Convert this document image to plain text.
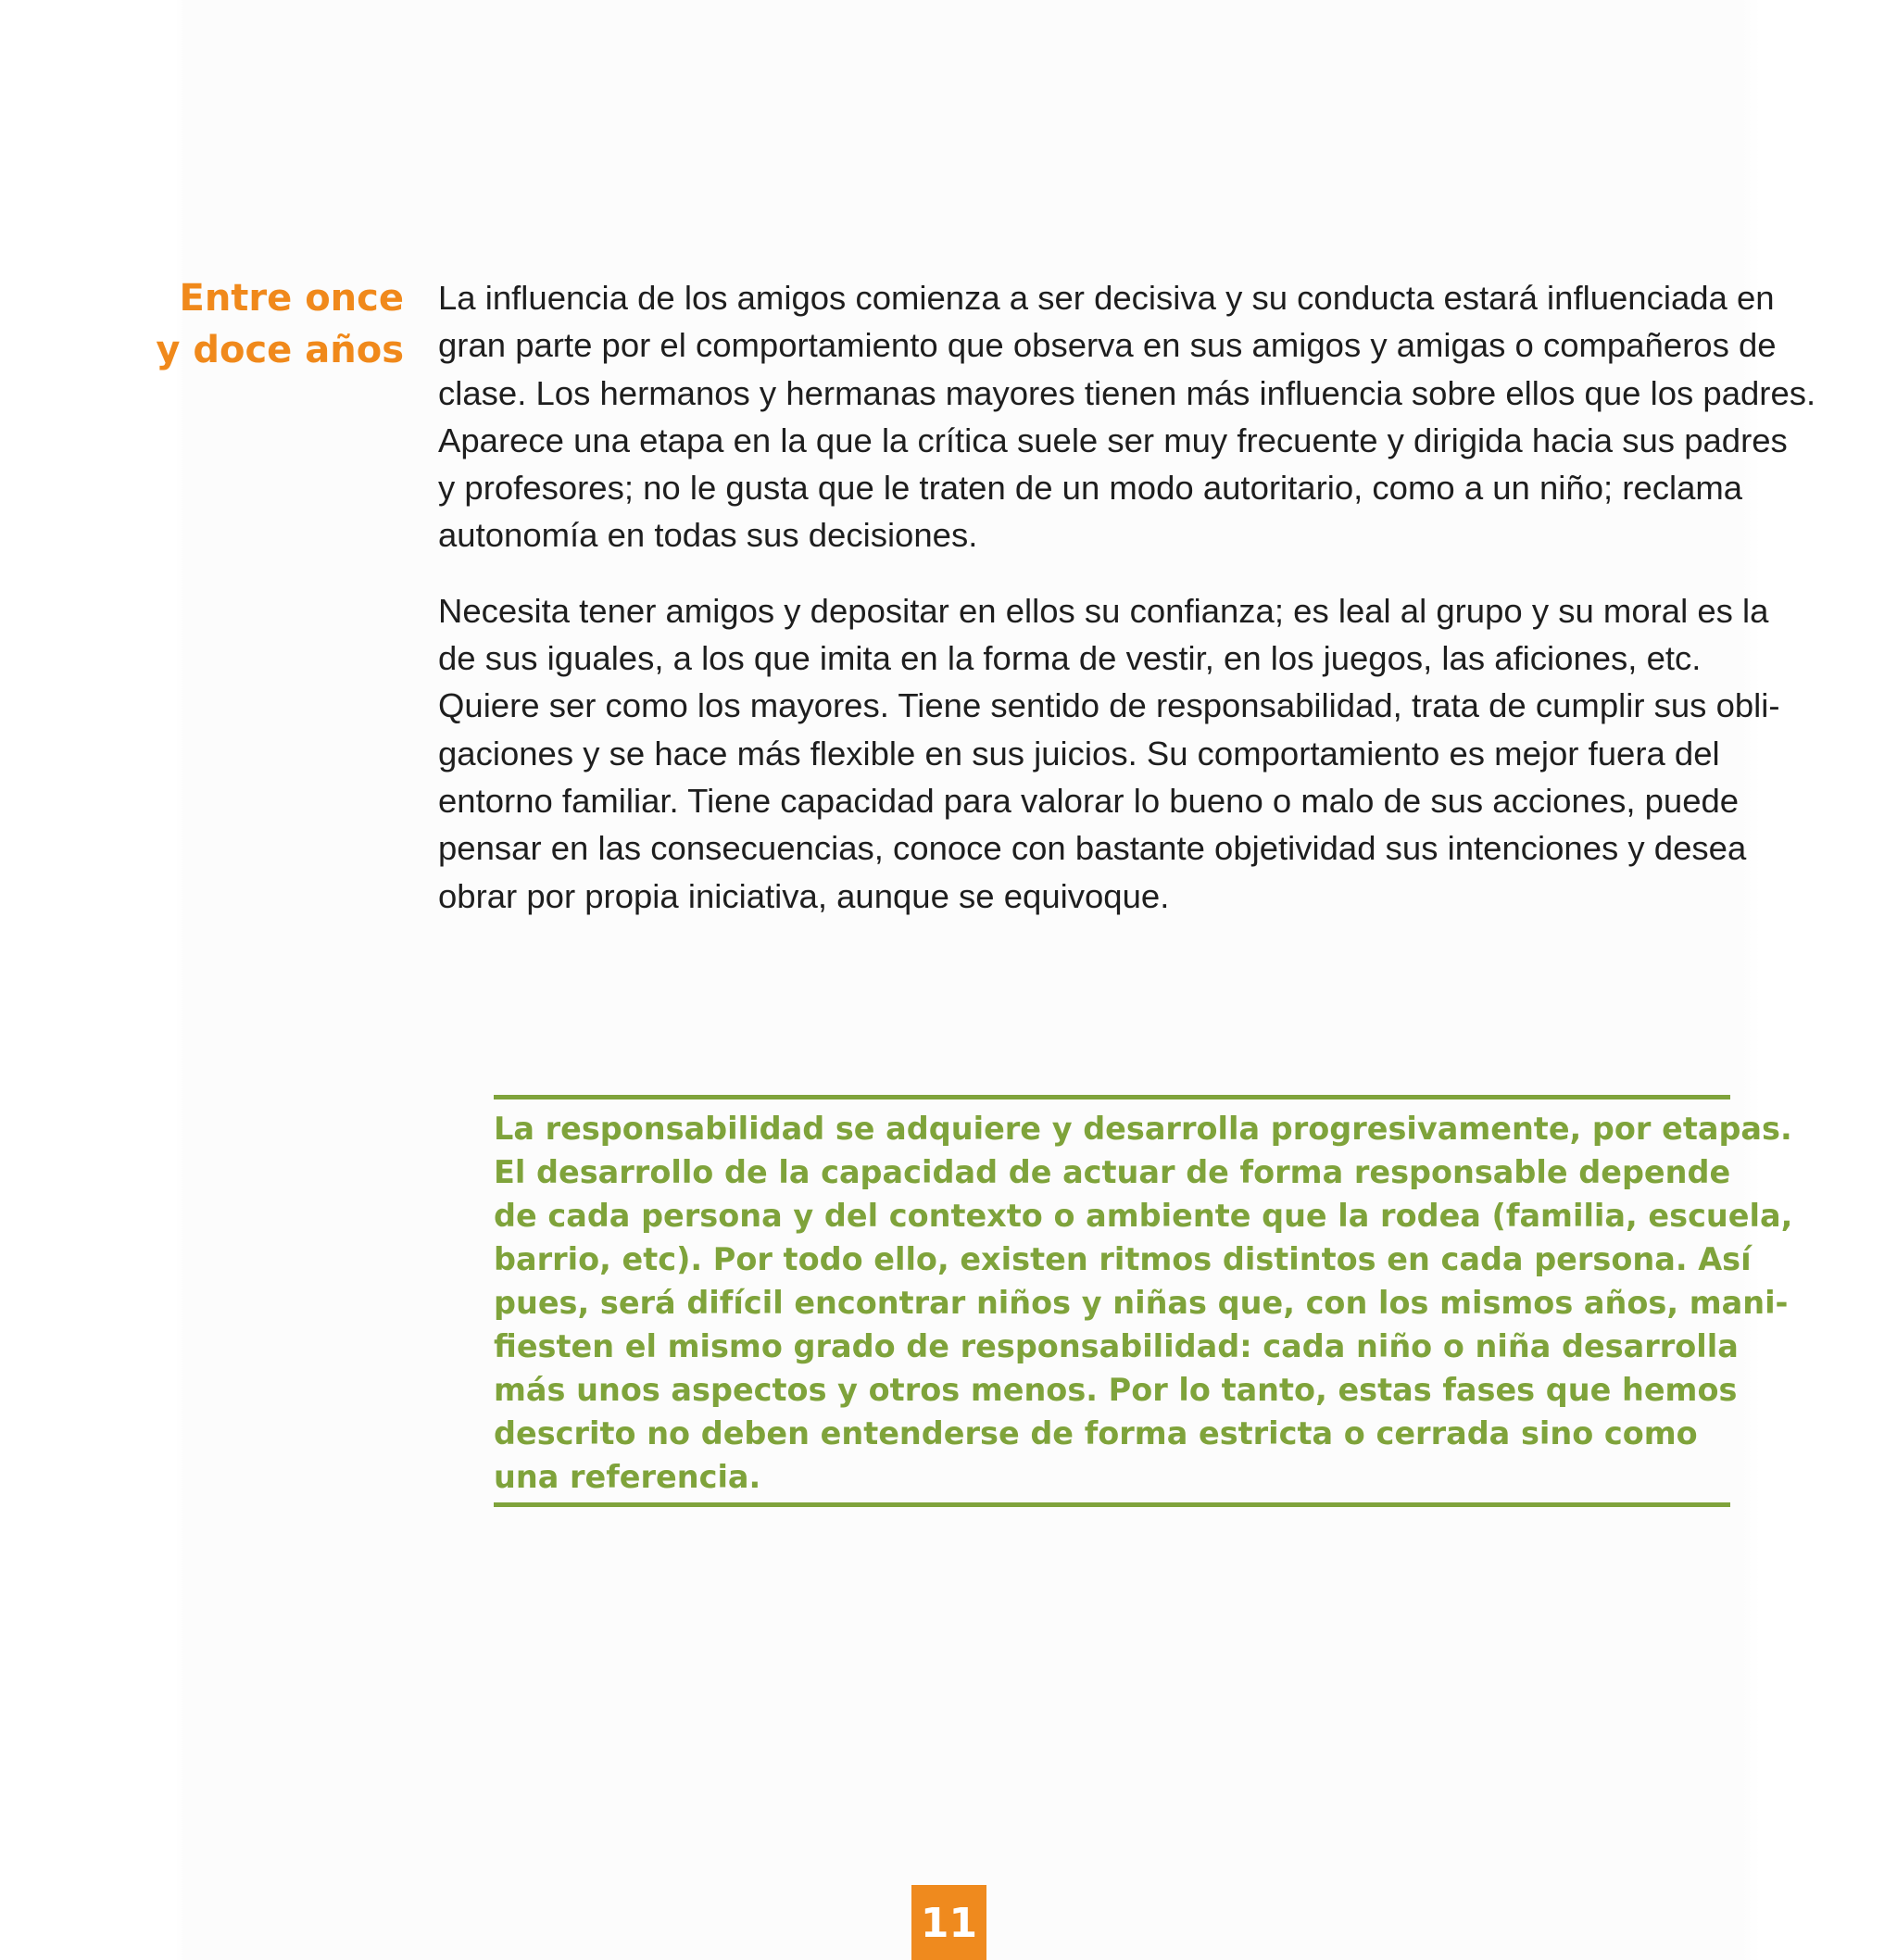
Entre once
y doce años

La influencia de los amigos comienza a ser decisiva y su conducta estará influenciada en
gran parte por el comportamiento que observa en sus amigos y amigas o compañeros de
clase. Los hermanos y hermanas mayores tienen más influencia sobre ellos que los padres.
Aparece una etapa en la que la crítica suele ser muy frecuente y dirigida hacia sus padres
y profesores; no le gusta que le traten de un modo autoritario, como a un niño; reclama
autonomía en todas sus decisiones.

Necesita tener amigos y depositar en ellos su confianza; es leal al grupo y su moral es la
de sus iguales, a los que imita en la forma de vestir, en los juegos, las aficiones, etc.
Quiere ser como los mayores. Tiene sentido de responsabilidad, trata de cumplir sus obli-
gaciones y se hace más flexible en sus juicios. Su comportamiento es mejor fuera del
entorno familiar. Tiene capacidad para valorar lo bueno o malo de sus acciones, puede
pensar en las consecuencias, conoce con bastante objetividad sus intenciones y desea
obrar por propia iniciativa, aunque se equivoque.

La responsabilidad se adquiere y desarrolla progresivamente, por etapas.
El desarrollo de la capacidad de actuar de forma responsable depende
de cada persona y del contexto o ambiente que la rodea (familia, escuela,
barrio, etc). Por todo ello, existen ritmos distintos en cada persona. Así
pues, será difícil encontrar niños y niñas que, con los mismos años, mani-
fiesten el mismo grado de responsabilidad: cada niño o niña desarrolla
más unos aspectos y otros menos. Por lo tanto, estas fases que hemos
descrito no deben entenderse de forma estricta o cerrada sino como
una referencia.
11
